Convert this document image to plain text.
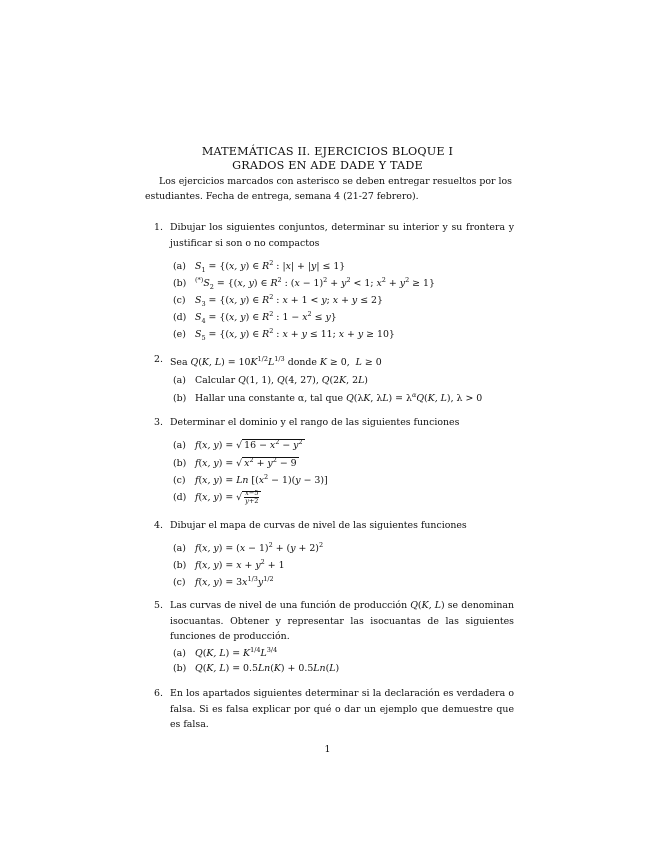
MATEMÁTICAS II. EJERCICIOS BLOQUE I
GRADOS EN ADE DADE Y TADE
Los ejercicios marcados con asterisco se deben entregar resueltos por los estudiantes. Fecha de entrega, semana 4 (21-27 febrero).
1. Dibujar los siguientes conjuntos, determinar su interior y su frontera y justificar si son o no compactos
(a) $S_1 = \{(x$, y) ∈ $R^2$ : |x| + |y| ≤ 1}
(b) $^{(*)}S_2 = \{(x$, y) ∈ $R^2$ : $(x - 1)^2 + y^2 < 1$; $x^2 + y^2 \ge 1$}
(c) $S_3 = \{(x$, y) ∈ $R^2$ : x + 1 < y; x + y ≤ 2}
(d) $S_4 = \{(x$, y) ∈ $R^2$ : $1 - x^2 \le y$}
(e) $S_5 = \{(x$, y) ∈ $R^2$ : x + y ≤ 11; x + y ≥ 10}
2. Sea Q(K, $L) = 10K^{1/2}L^{1/3}$ donde K ≥ 0,  L ≥ 0
(a) Calcular Q(1, 1), Q(4, 27), Q(2K, 2L)
(b) Hallar una constante α, tal que Q(λK, $\lambda L) = \lambda^\alpha Q(K$, L), λ > 0
3. Determinar el dominio y el rango de las siguientes funciones
(a) f(x, y) = √ $16 - x^2 - y^2$
(b) f(x, y) = √ $x^2 + y^2 - 9$
(c) f(x, y) = Ln $[(x^2 - 1)(y - 3)]$
(d) f(x, y) = √ $\frac{x-5}{y+2}$
4. Dibujar el mapa de curvas de nivel de las siguientes funciones
(a) f(x, $y) = (x - 1)^2 + (y + 2)^2$
(b) f(x, $y) = x + y^2 + 1$
(c) f(x, $y) = 3x^{1/3}y^{1/2}$
5. Las curvas de nivel de una función de producción Q(K, L) se denominan isocuantas. Obtener y representar las isocuantas de las siguientes funciones de producción.
(a) Q(K, $L) = K^{1/4}L^{3/4}$
(b) Q(K, L) = 0.5Ln(K) + 0.5Ln(L)
6. En los apartados siguientes determinar si la declaración es verdadera o falsa. Si es falsa explicar por qué o dar un ejemplo que demuestre que es falsa.
1
